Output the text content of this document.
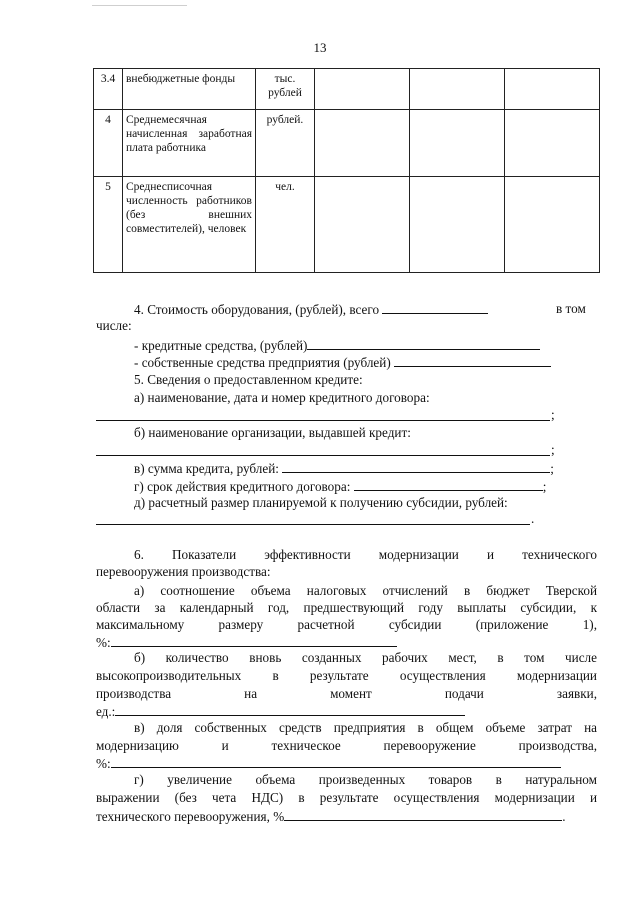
13
3.4	внебюджетные фонды	тыс. рублей			
4	Среднемесячная начисленная заработная плата работника	рублей.			
5	Среднесписочная численность работников (без внешних совместителей), человек	чел.			
4. Стоимость оборудования, (рублей), всего	в том
числе:
- кредитные средства, (рублей)
- собственные средства предприятия (рублей)
5. Сведения о предоставленном кредите:
а) наименование, дата и номер кредитного договора:
;
б) наименование организации, выдавшей кредит:
;
в) сумма кредита, рублей:	;
г) срок действия кредитного договора:	;
д) расчетный размер планируемой к получению субсидии, рублей:
.
6. Показатели эффективности модернизации и технического
перевооружения производства:
а) соотношение объема налоговых отчислений в бюджет Тверской
области за календарный год, предшествующий году выплаты субсидии, к
максимальному размеру расчетной субсидии (приложение 1),
%:
б) количество вновь созданных рабочих мест, в том числе
высокопроизводительных в результате осуществления модернизации
производства на момент подачи заявки,
ед.:
в) доля собственных средств предприятия в общем объеме затрат на
модернизацию и техническое перевооружение производства,
%:
г) увеличение объема произведенных товаров в натуральном
выражении (без чета НДС) в результате осуществления модернизации и
технического перевооружения, %	.
